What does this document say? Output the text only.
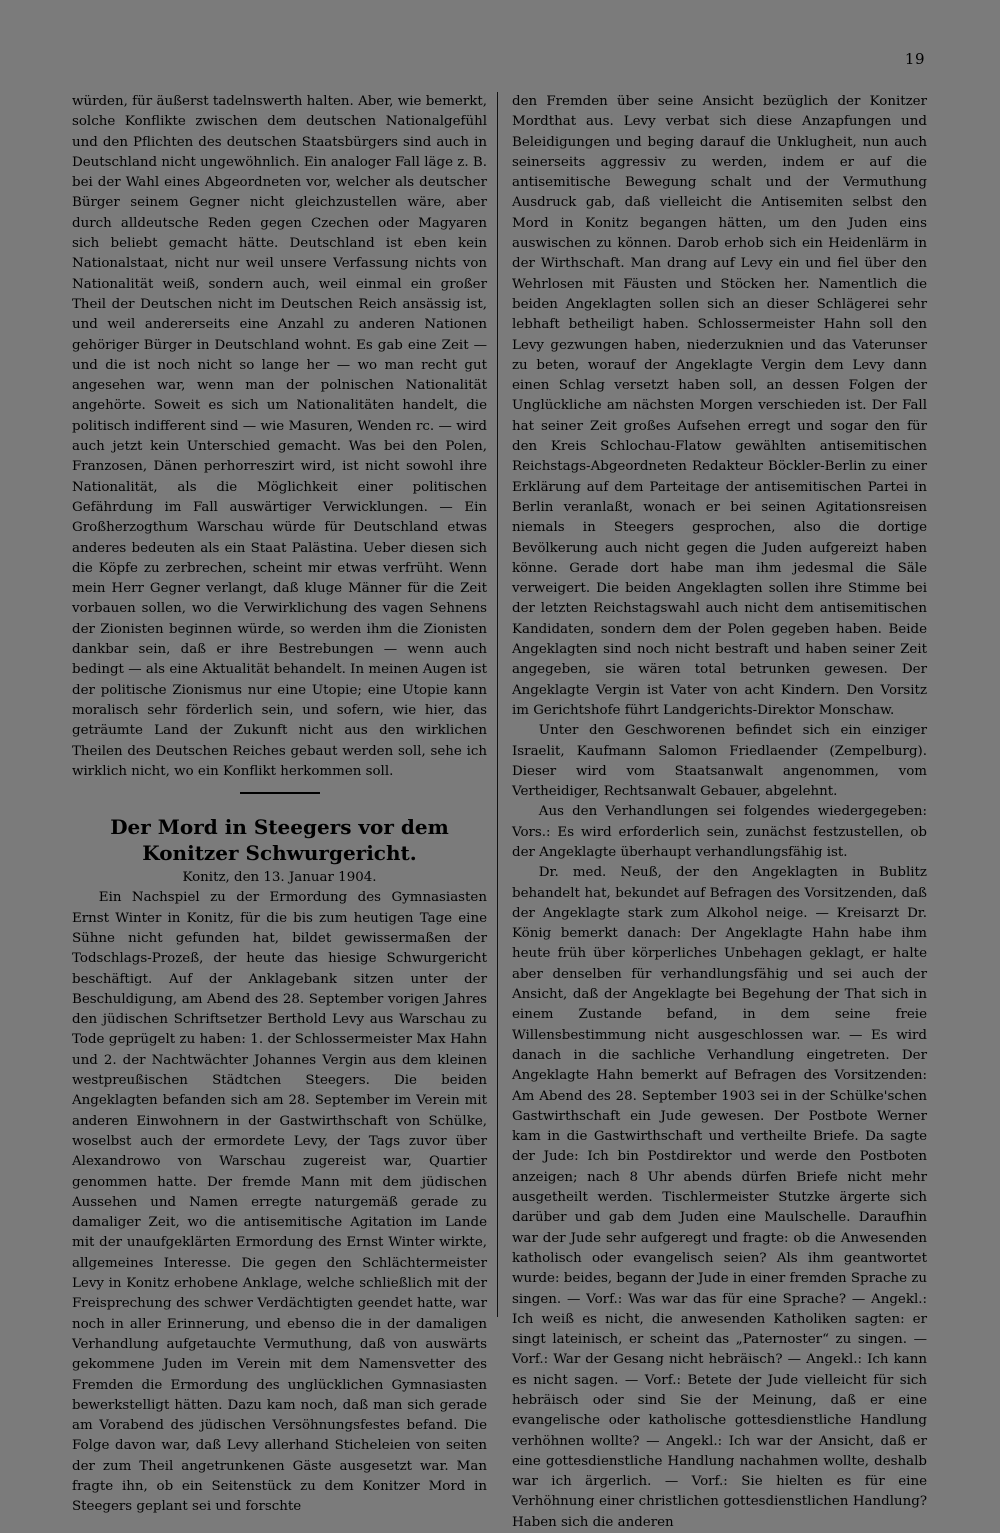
19

würden, für äußerst tadelnswerth halten. Aber, wie bemerkt, solche Konflikte zwischen dem deutschen Nationalgefühl und den Pflichten des deutschen Staatsbürgers sind auch in Deutschland nicht ungewöhnlich. Ein analoger Fall läge z. B. bei der Wahl eines Abgeordneten vor, welcher als deutscher Bürger seinem Gegner nicht gleichzustellen wäre, aber durch alldeutsche Reden gegen Czechen oder Magyaren sich beliebt gemacht hätte. Deutschland ist eben kein Nationalstaat, nicht nur weil unsere Verfassung nichts von Nationalität weiß, sondern auch, weil einmal ein großer Theil der Deutschen nicht im Deutschen Reich ansässig ist, und weil andererseits eine Anzahl zu anderen Nationen gehöriger Bürger in Deutschland wohnt. Es gab eine Zeit — und die ist noch nicht so lange her — wo man recht gut angesehen war, wenn man der polnischen Nationalität angehörte. Soweit es sich um Nationalitäten handelt, die politisch indifferent sind — wie Masuren, Wenden rc. — wird auch jetzt kein Unterschied gemacht. Was bei den Polen, Franzosen, Dänen perhorreszirt wird, ist nicht sowohl ihre Nationalität, als die Möglichkeit einer politischen Gefährdung im Fall auswärtiger Verwicklungen. — Ein Großherzogthum Warschau würde für Deutschland etwas anderes bedeuten als ein Staat Palästina. Ueber diesen sich die Köpfe zu zerbrechen, scheint mir etwas verfrüht. Wenn mein Herr Gegner verlangt, daß kluge Männer für die Zeit vorbauen sollen, wo die Verwirklichung des vagen Sehnens der Zionisten beginnen würde, so werden ihm die Zionisten dankbar sein, daß er ihre Bestrebungen — wenn auch bedingt — als eine Aktualität behandelt. In meinen Augen ist der politische Zionismus nur eine Utopie; eine Utopie kann moralisch sehr förderlich sein, und sofern, wie hier, das geträumte Land der Zukunft nicht aus den wirklichen Theilen des Deutschen Reiches gebaut werden soll, sehe ich wirklich nicht, wo ein Konflikt herkommen soll.

Der Mord in Steegers vor dem Konitzer Schwurgericht.
Konitz, den 13. Januar 1904.

Ein Nachspiel zu der Ermordung des Gymnasiasten Ernst Winter in Konitz, für die bis zum heutigen Tage eine Sühne nicht gefunden hat, bildet gewissermaßen der Todschlags-Prozeß, der heute das hiesige Schwurgericht beschäftigt. Auf der Anklagebank sitzen unter der Beschuldigung, am Abend des 28. September vorigen Jahres den jüdischen Schriftsetzer Berthold Levy aus Warschau zu Tode geprügelt zu haben: 1. der Schlossermeister Max Hahn und 2. der Nachtwächter Johannes Vergin aus dem kleinen westpreußischen Städtchen Steegers. Die beiden Angeklagten befanden sich am 28. September im Verein mit anderen Einwohnern in der Gastwirthschaft von Schülke, woselbst auch der ermordete Levy, der Tags zuvor über Alexandrowo von Warschau zugereist war, Quartier genommen hatte. Der fremde Mann mit dem jüdischen Aussehen und Namen erregte naturgemäß gerade zu damaliger Zeit, wo die antisemitische Agitation im Lande mit der unaufgeklärten Ermordung des Ernst Winter wirkte, allgemeines Interesse. Die gegen den Schlächtermeister Levy in Konitz erhobene Anklage, welche schließlich mit der Freisprechung des schwer Verdächtigten geendet hatte, war noch in aller Erinnerung, und ebenso die in der damaligen Verhandlung aufgetauchte Vermuthung, daß von auswärts gekommene Juden im Verein mit dem Namensvetter des Fremden die Ermordung des unglücklichen Gymnasiasten bewerkstelligt hätten. Dazu kam noch, daß man sich gerade am Vorabend des jüdischen Versöhnungsfestes befand. Die Folge davon war, daß Levy allerhand Sticheleien von seiten der zum Theil angetrunkenen Gäste ausgesetzt war. Man fragte ihn, ob ein Seitenstück zu dem Konitzer Mord in Steegers geplant sei und forschte

den Fremden über seine Ansicht bezüglich der Konitzer Mordthat aus. Levy verbat sich diese Anzapfungen und Beleidigungen und beging darauf die Unklugheit, nun auch seinerseits aggressiv zu werden, indem er auf die antisemitische Bewegung schalt und der Vermuthung Ausdruck gab, daß vielleicht die Antisemiten selbst den Mord in Konitz begangen hätten, um den Juden eins auswischen zu können. Darob erhob sich ein Heidenlärm in der Wirthschaft. Man drang auf Levy ein und fiel über den Wehrlosen mit Fäusten und Stöcken her. Namentlich die beiden Angeklagten sollen sich an dieser Schlägerei sehr lebhaft betheiligt haben. Schlossermeister Hahn soll den Levy gezwungen haben, niederzuknien und das Vaterunser zu beten, worauf der Angeklagte Vergin dem Levy dann einen Schlag versetzt haben soll, an dessen Folgen der Unglückliche am nächsten Morgen verschieden ist. Der Fall hat seiner Zeit großes Aufsehen erregt und sogar den für den Kreis Schlochau-Flatow gewählten antisemitischen Reichstags-Abgeordneten Redakteur Böckler-Berlin zu einer Erklärung auf dem Parteitage der antisemitischen Partei in Berlin veranlaßt, wonach er bei seinen Agitationsreisen niemals in Steegers gesprochen, also die dortige Bevölkerung auch nicht gegen die Juden aufgereizt haben könne. Gerade dort habe man ihm jedesmal die Säle verweigert. Die beiden Angeklagten sollen ihre Stimme bei der letzten Reichstagswahl auch nicht dem antisemitischen Kandidaten, sondern dem der Polen gegeben haben. Beide Angeklagten sind noch nicht bestraft und haben seiner Zeit angegeben, sie wären total betrunken gewesen. Der Angeklagte Vergin ist Vater von acht Kindern. Den Vorsitz im Gerichtshofe führt Landgerichts-Direktor Monschaw.

Unter den Geschworenen befindet sich ein einziger Israelit, Kaufmann Salomon Friedlaender (Zempelburg). Dieser wird vom Staatsanwalt angenommen, vom Vertheidiger, Rechtsanwalt Gebauer, abgelehnt.

Aus den Verhandlungen sei folgendes wiedergegeben: Vors.: Es wird erforderlich sein, zunächst festzustellen, ob der Angeklagte überhaupt verhandlungsfähig ist.

Dr. med. Neuß, der den Angeklagten in Bublitz behandelt hat, bekundet auf Befragen des Vorsitzenden, daß der Angeklagte stark zum Alkohol neige. — Kreisarzt Dr. König bemerkt danach: Der Angeklagte Hahn habe ihm heute früh über körperliches Unbehagen geklagt, er halte aber denselben für verhandlungsfähig und sei auch der Ansicht, daß der Angeklagte bei Begehung der That sich in einem Zustande befand, in dem seine freie Willensbestimmung nicht ausgeschlossen war. — Es wird danach in die sachliche Verhandlung eingetreten. Der Angeklagte Hahn bemerkt auf Befragen des Vorsitzenden: Am Abend des 28. September 1903 sei in der Schülke'schen Gastwirthschaft ein Jude gewesen. Der Postbote Werner kam in die Gastwirthschaft und vertheilte Briefe. Da sagte der Jude: Ich bin Postdirektor und werde den Postboten anzeigen; nach 8 Uhr abends dürfen Briefe nicht mehr ausgetheilt werden. Tischlermeister Stutzke ärgerte sich darüber und gab dem Juden eine Maulschelle. Daraufhin war der Jude sehr aufgeregt und fragte: ob die Anwesenden katholisch oder evangelisch seien? Als ihm geantwortet wurde: beides, begann der Jude in einer fremden Sprache zu singen. — Vorf.: Was war das für eine Sprache? — Angekl.: Ich weiß es nicht, die anwesenden Katholiken sagten: er singt lateinisch, er scheint das „Paternoster“ zu singen. — Vorf.: War der Gesang nicht hebräisch? — Angekl.: Ich kann es nicht sagen. — Vorf.: Betete der Jude vielleicht für sich hebräisch oder sind Sie der Meinung, daß er eine evangelische oder katholische gottesdienstliche Handlung verhöhnen wollte? — Angekl.: Ich war der Ansicht, daß er eine gottesdienstliche Handlung nachahmen wollte, deshalb war ich ärgerlich. — Vorf.: Sie hielten es für eine Verhöhnung einer christlichen gottesdienstlichen Handlung? Haben sich die anderen
